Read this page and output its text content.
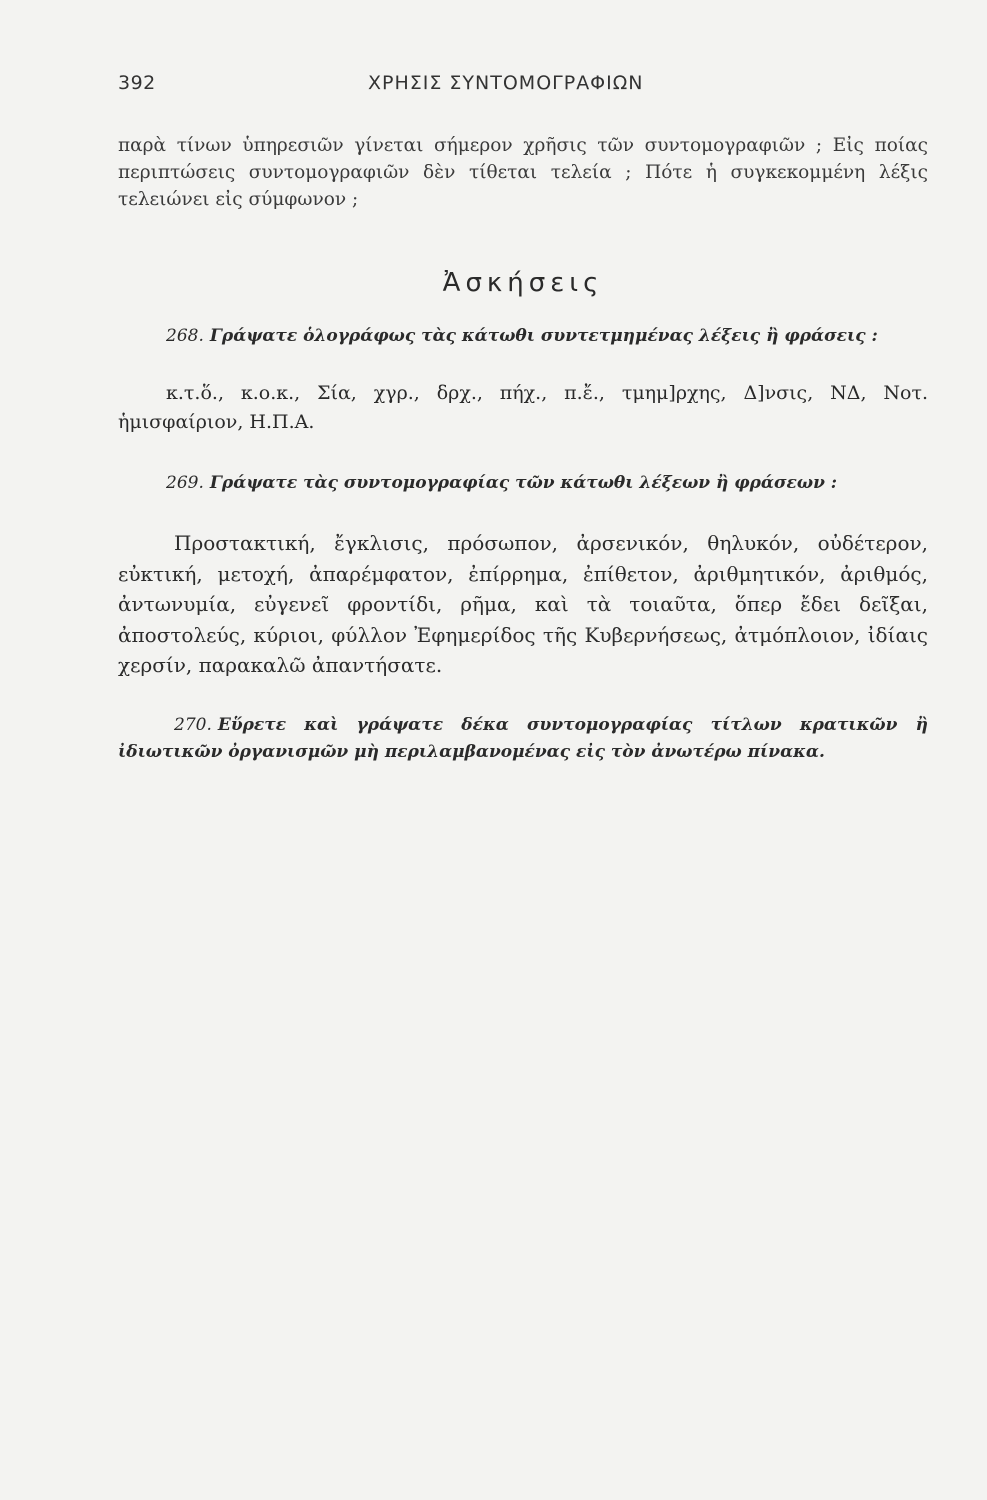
392	ΧΡΗΣΙΣ ΣΥΝΤΟΜΟΓΡΑΦΙΩΝ

παρὰ τίνων ὑπηρεσιῶν γίνεται σήμερον χρῆσις τῶν συντομογραφιῶν ; Εἰς ποίας περιπτώσεις συντομογραφιῶν δὲν τίθεται τελεία ; Πότε ἡ συγκεκομμένη λέξις τελειώνει εἰς σύμφωνον ;

Ἀσκήσεις

268. Γράψατε ὁλογράφως τὰς κάτωθι συντετμημένας λέξεις ἢ φράσεις :

κ.τ.ὅ., κ.ο.κ., Σία, χγρ., δρχ., πήχ., π.ἔ., τμημ]ρχης, Δ]νσις, ΝΔ, Νοτ. ἡμισφαίριον, Η.Π.Α.

269. Γράψατε τὰς συντομογραφίας τῶν κάτωθι λέξεων ἢ φράσεων :

Προστακτική, ἔγκλισις, πρόσωπον, ἀρσενικόν, θηλυκόν, οὐδέτερον, εὐκτική, μετοχή, ἀπαρέμφατον, ἐπίρρημα, ἐπίθετον, ἀριθμητικόν, ἀριθμός, ἀντωνυμία, εὐγενεῖ φροντίδι, ρῆμα, καὶ τὰ τοιαῦτα, ὅπερ ἔδει δεῖξαι, ἀποστολεύς, κύριοι, φύλλον Ἐφημερίδος τῆς Κυβερνήσεως, ἀτμόπλοιον, ἰδίαις χερσίν, παρακαλῶ ἀπαντήσατε.

270. Εὕρετε καὶ γράψατε δέκα συντομογραφίας τίτλων κρατικῶν ἢ ἰδιωτικῶν ὀργανισμῶν μὴ περιλαμβανομένας εἰς τὸν ἀνωτέρω πίνακα.
